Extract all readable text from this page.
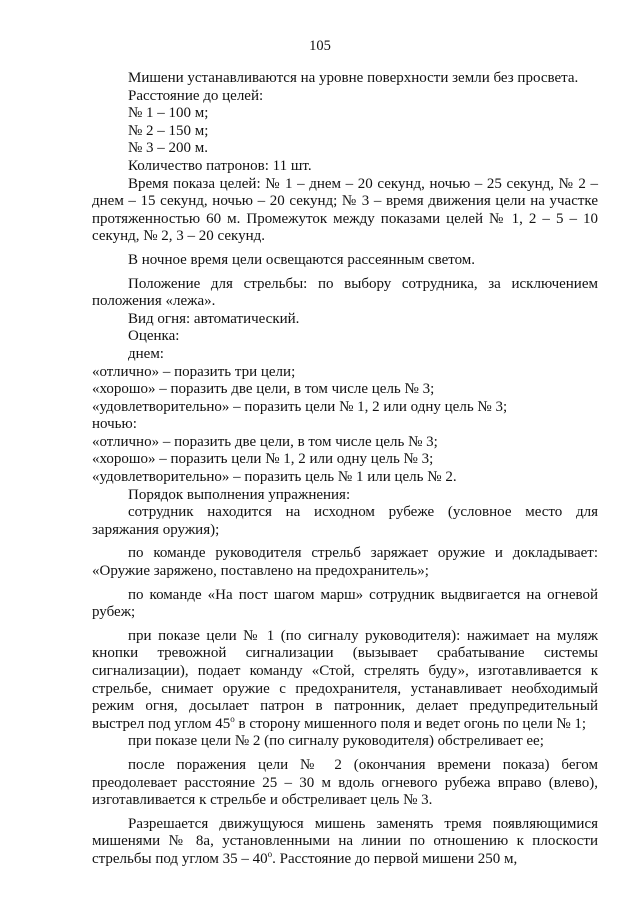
105

Мишени устанавливаются на уровне поверхности земли без просвета.

Расстояние до целей:

№ 1 – 100 м;

№ 2 – 150 м;

№ 3 – 200 м.

Количество патронов: 11 шт.

Время показа целей: № 1 – днем – 20 секунд, ночью – 25 секунд, № 2 – днем – 15 секунд, ночью – 20 секунд; № 3 – время движения цели на участке протяженностью 60 м. Промежуток между показами целей № 1, 2 – 5 – 10 секунд, № 2, 3 – 20 секунд.

В ночное время цели освещаются рассеянным светом.

Положение для стрельбы: по выбору сотрудника, за исключением положения «лежа».

Вид огня: автоматический.

Оценка:

днем:

«отлично» – поразить три цели;

«хорошо» – поразить две цели, в том числе цель № 3;

«удовлетворительно» – поразить цели № 1, 2 или одну цель № 3;

ночью:

«отлично» – поразить две цели, в том числе цель № 3;

«хорошо» – поразить цели № 1, 2 или одну цель № 3;

«удовлетворительно» – поразить цель № 1 или цель № 2.

Порядок выполнения упражнения:

сотрудник находится на исходном рубеже (условное место для заряжания оружия);

по команде руководителя стрельб заряжает оружие и докладывает: «Оружие заряжено, поставлено на предохранитель»;

по команде «На пост шагом марш» сотрудник выдвигается на огневой рубеж;

при показе цели № 1 (по сигналу руководителя): нажимает на муляж кнопки тревожной сигнализации (вызывает срабатывание системы сигнализации), подает команду «Стой, стрелять буду», изготавливается к стрельбе, снимает оружие с предохранителя, устанавливает необходимый режим огня, досылает патрон в патронник, делает предупредительный выстрел под углом $45^о$ в сторону мишенного поля и ведет огонь по цели № 1;

при показе цели № 2 (по сигналу руководителя) обстреливает ее;

после поражения цели № 2 (окончания времени показа) бегом преодолевает расстояние 25 – 30 м вдоль огневого рубежа вправо (влево), изготавливается к стрельбе и обстреливает цель № 3.

Разрешается движущуюся мишень заменять тремя появляющимися мишенями № 8а, установленными на линии по отношению к плоскости стрельбы под углом $35 - 40^о$. Расстояние до первой мишени 250 м,
